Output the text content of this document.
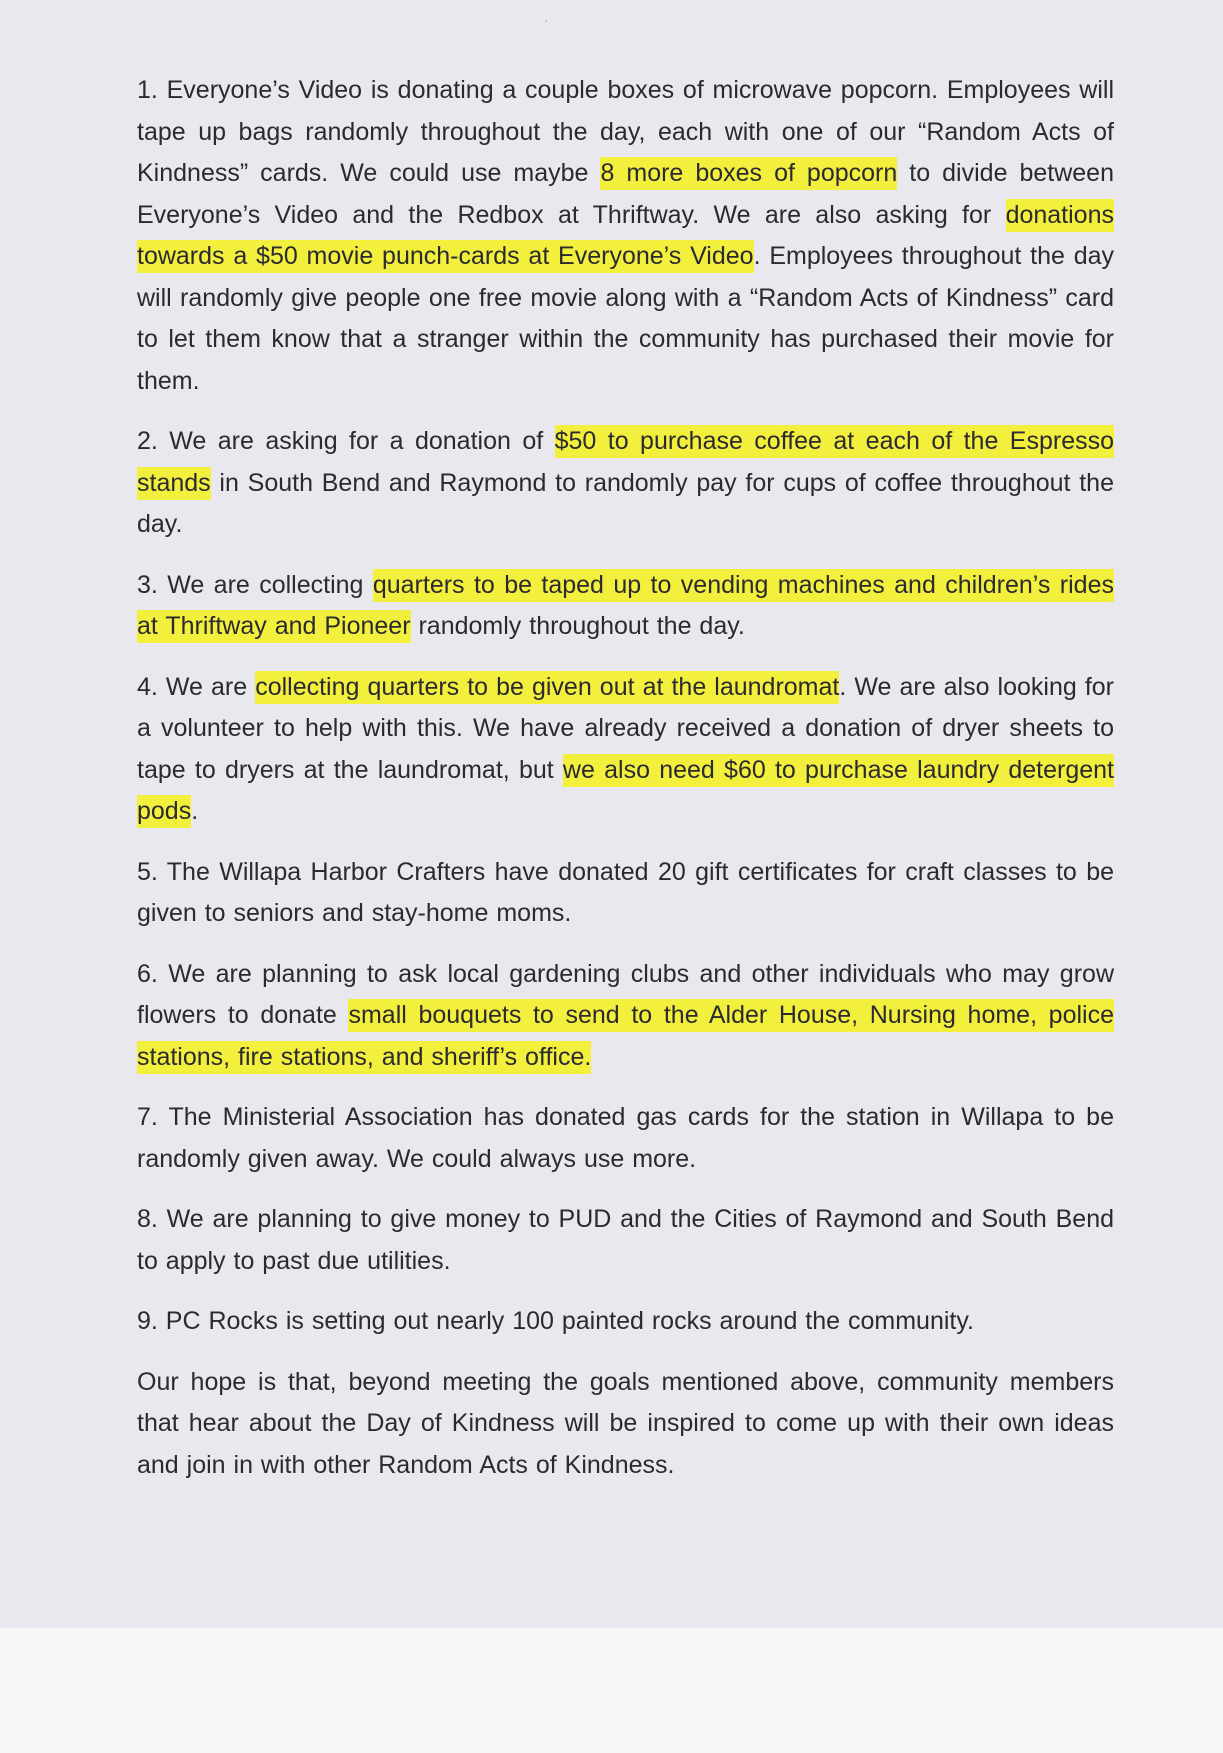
1. Everyone’s Video is donating a couple boxes of microwave popcorn. Employees will tape up bags randomly throughout the day, each with one of our “Random Acts of Kindness” cards. We could use maybe 8 more boxes of popcorn to divide between Everyone’s Video and the Redbox at Thriftway. We are also asking for donations towards a $50 movie punch-cards at Everyone’s Video. Employees throughout the day will randomly give people one free movie along with a “Random Acts of Kindness” card to let them know that a stranger within the community has purchased their movie for them.

2. We are asking for a donation of $50 to purchase coffee at each of the Espresso stands in South Bend and Raymond to randomly pay for cups of coffee throughout the day.

3. We are collecting quarters to be taped up to vending machines and children’s rides at Thriftway and Pioneer randomly throughout the day.

4. We are collecting quarters to be given out at the laundromat. We are also looking for a volunteer to help with this. We have already received a donation of dryer sheets to tape to dryers at the laundromat, but we also need $60 to purchase laundry detergent pods.

5. The Willapa Harbor Crafters have donated 20 gift certificates for craft classes to be given to seniors and stay-home moms.

6. We are planning to ask local gardening clubs and other individuals who may grow flowers to donate small bouquets to send to the Alder House, Nursing home, police stations, fire stations, and sheriff’s office.

7. The Ministerial Association has donated gas cards for the station in Willapa to be randomly given away. We could always use more.

8. We are planning to give money to PUD and the Cities of Raymond and South Bend to apply to past due utilities.

9. PC Rocks is setting out nearly 100 painted rocks around the community.

Our hope is that, beyond meeting the goals mentioned above, community members that hear about the Day of Kindness will be inspired to come up with their own ideas and join in with other Random Acts of Kindness.
